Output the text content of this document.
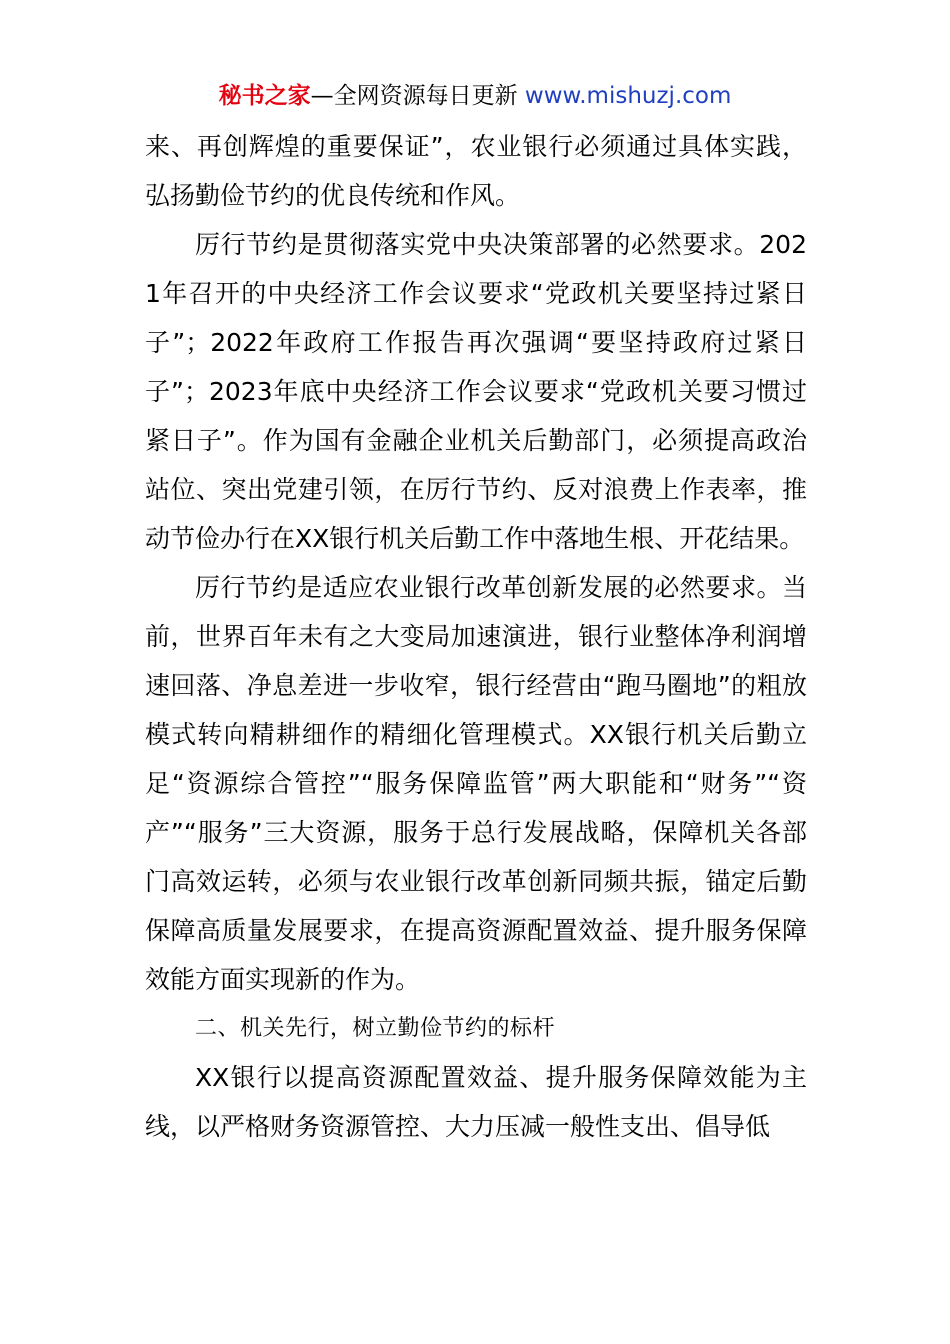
秘书之家—全网资源每日更新 www.mishuzj.com

来、再创辉煌的重要保证”，农业银行必须通过具体实践，弘扬勤俭节约的优良传统和作风。

厉行节约是贯彻落实党中央决策部署的必然要求。2021年召开的中央经济工作会议要求“党政机关要坚持过紧日子”；2022年政府工作报告再次强调“要坚持政府过紧日子”；2023年底中央经济工作会议要求“党政机关要习惯过紧日子”。作为国有金融企业机关后勤部门，必须提高政治站位、突出党建引领，在厉行节约、反对浪费上作表率，推动节俭办行在XX银行机关后勤工作中落地生根、开花结果。

厉行节约是适应农业银行改革创新发展的必然要求。当前，世界百年未有之大变局加速演进，银行业整体净利润增速回落、净息差进一步收窄，银行经营由“跑马圈地”的粗放模式转向精耕细作的精细化管理模式。XX银行机关后勤立足“资源综合管控”“服务保障监管”两大职能和“财务”“资产”“服务”三大资源，服务于总行发展战略，保障机关各部门高效运转，必须与农业银行改革创新同频共振，锚定后勤保障高质量发展要求，在提高资源配置效益、提升服务保障效能方面实现新的作为。

二、机关先行，树立勤俭节约的标杆

XX银行以提高资源配置效益、提升服务保障效能为主线，以严格财务资源管控、大力压减一般性支出、倡导低
